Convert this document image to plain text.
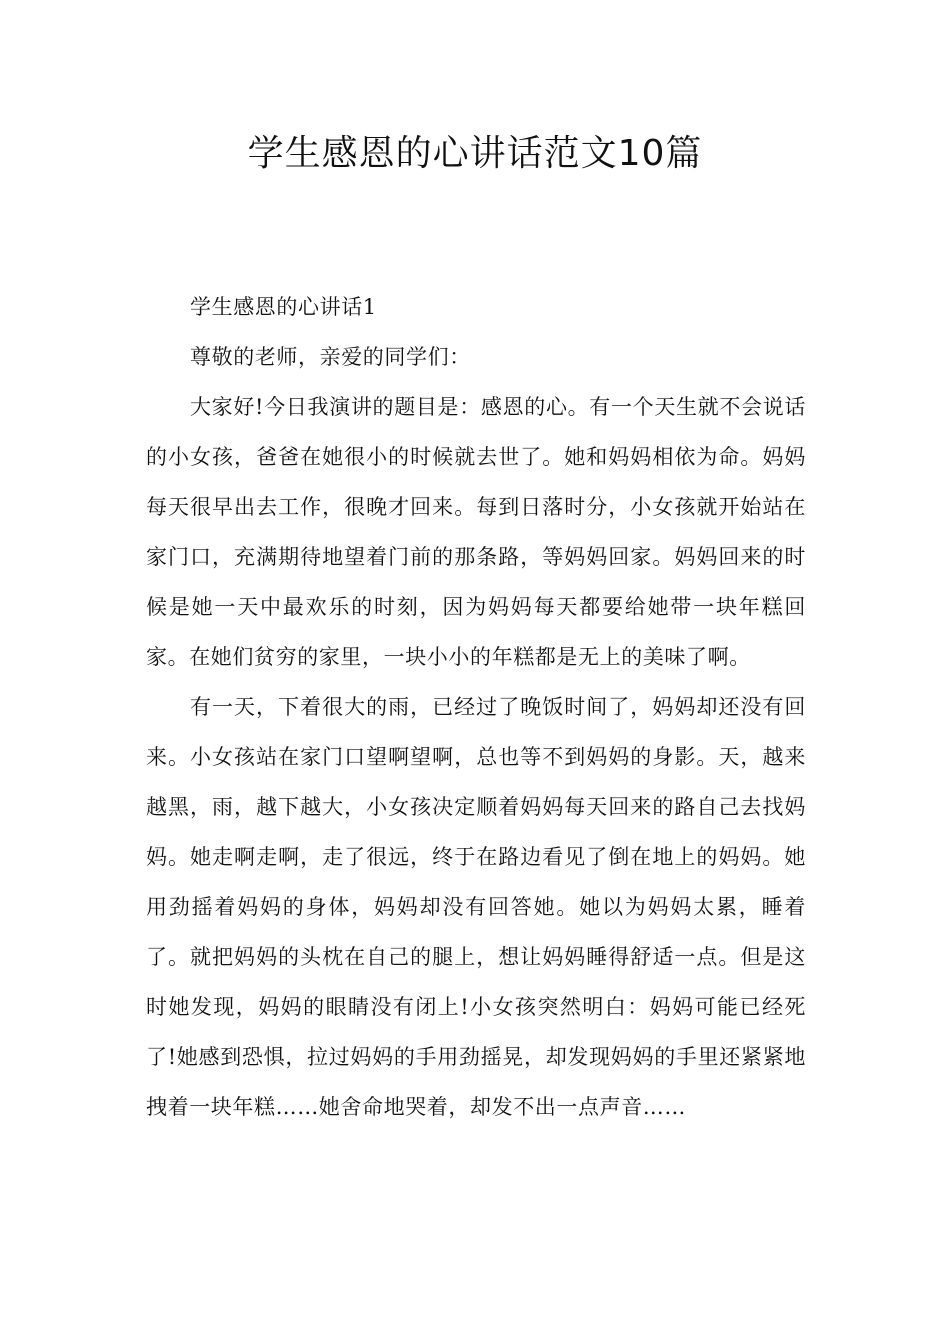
学生感恩的心讲话范文10篇

学生感恩的心讲话1

尊敬的老师，亲爱的同学们：

大家好!今日我演讲的题目是：感恩的心。有一个天生就不会说话的小女孩，爸爸在她很小的时候就去世了。她和妈妈相依为命。妈妈每天很早出去工作，很晚才回来。每到日落时分，小女孩就开始站在家门口，充满期待地望着门前的那条路，等妈妈回家。妈妈回来的时候是她一天中最欢乐的时刻，因为妈妈每天都要给她带一块年糕回家。在她们贫穷的家里，一块小小的年糕都是无上的美味了啊。

有一天，下着很大的雨，已经过了晚饭时间了，妈妈却还没有回来。小女孩站在家门口望啊望啊，总也等不到妈妈的身影。天，越来越黑，雨，越下越大，小女孩决定顺着妈妈每天回来的路自己去找妈妈。她走啊走啊，走了很远，终于在路边看见了倒在地上的妈妈。她用劲摇着妈妈的身体，妈妈却没有回答她。她以为妈妈太累，睡着了。就把妈妈的头枕在自己的腿上，想让妈妈睡得舒适一点。但是这时她发现，妈妈的眼睛没有闭上!小女孩突然明白：妈妈可能已经死了!她感到恐惧，拉过妈妈的手用劲摇晃，却发现妈妈的手里还紧紧地拽着一块年糕……她舍命地哭着，却发不出一点声音……
